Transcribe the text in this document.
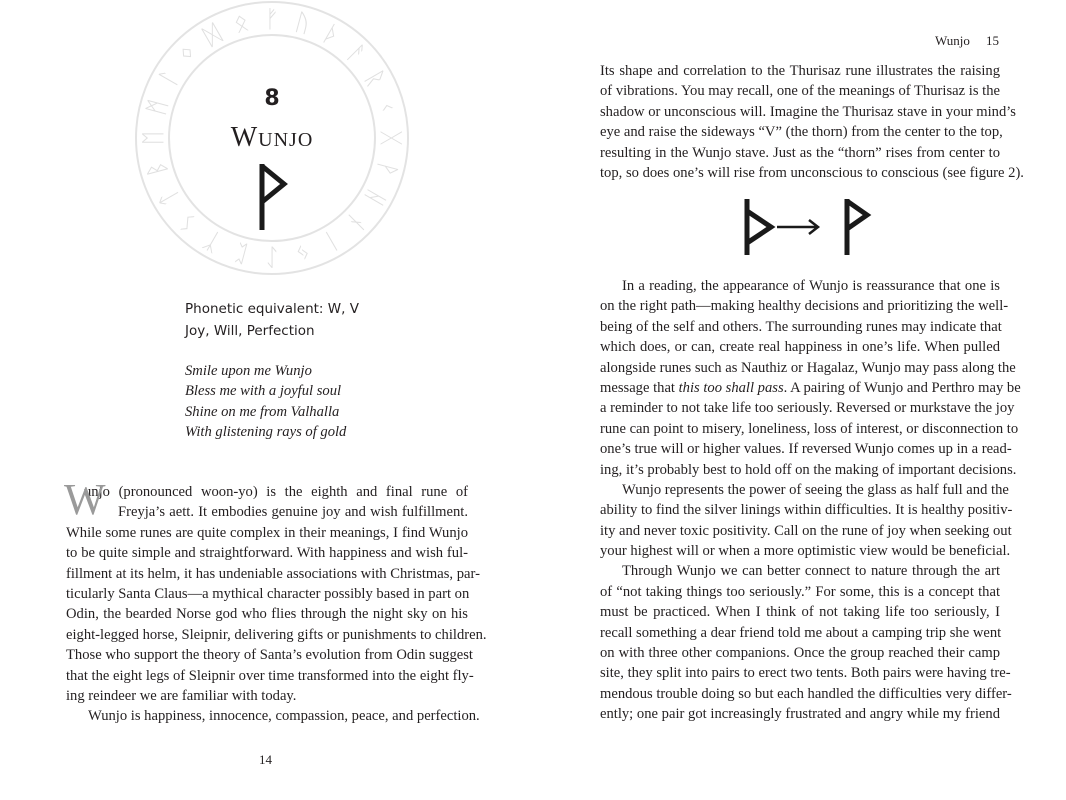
ᚠ ᚢ ᚦ
ᚨ
ᚱ
ᚲ
ᚷ
ᚹ
ᚺ
ᚾ
ᛁ
ᛃ
ᛇ
ᛈ
ᛉ
ᛊ
ᛏ
ᛒ
ᛖ
ᛗ
ᛚ
ᛜ
ᛞ ᛟ
8
Wunjo
Phonetic equivalent: W, V
Joy, Will, Perfection
Smile upon me Wunjo
Bless me with a joyful soul
Shine on me from Valhalla
With glistening rays of gold
W
unjo (pronounced woon-yo) is the eighth and final rune of
Freyja’s aett. It embodies genuine joy and wish fulfillment.
While some runes are quite complex in their meanings, I find Wunjo
to be quite simple and straightforward. With happiness and wish ful-
fillment at its helm, it has undeniable associations with Christmas, par-
ticularly Santa Claus—a mythical character possibly based in part on
Odin, the bearded Norse god who flies through the night sky on his
eight-legged horse, Sleipnir, delivering gifts or punishments to children.
Those who support the theory of Santa’s evolution from Odin suggest
that the eight legs of Sleipnir over time transformed into the eight fly-
ing reindeer we are familiar with today.
Wunjo is happiness, innocence, compassion, peace, and perfection.
14
Wunjo 15
Its shape and correlation to the Thurisaz rune illustrates the raising
of vibrations. You may recall, one of the meanings of Thurisaz is the
shadow or unconscious will. Imagine the Thurisaz stave in your mind’s
eye and raise the sideways “V” (the thorn) from the center to the top,
resulting in the Wunjo stave. Just as the “thorn” rises from center to
top, so does one’s will rise from unconscious to conscious (see figure 2).
In a reading, the appearance of Wunjo is reassurance that one is
on the right path—making healthy decisions and prioritizing the well-
being of the self and others. The surrounding runes may indicate that
which does, or can, create real happiness in one’s life. When pulled
alongside runes such as Nauthiz or Hagalaz, Wunjo may pass along the
message that this too shall pass. A pairing of Wunjo and Perthro may be
a reminder to not take life too seriously. Reversed or murkstave the joy
rune can point to misery, loneliness, loss of interest, or disconnection to
one’s true will or higher values. If reversed Wunjo comes up in a read-
ing, it’s probably best to hold off on the making of important decisions.
Wunjo represents the power of seeing the glass as half full and the
ability to find the silver linings within difficulties. It is healthy positiv-
ity and never toxic positivity. Call on the rune of joy when seeking out
your highest will or when a more optimistic view would be beneficial.
Through Wunjo we can better connect to nature through the art
of “not taking things too seriously.” For some, this is a concept that
must be practiced. When I think of not taking life too seriously, I
recall something a dear friend told me about a camping trip she went
on with three other companions. Once the group reached their camp
site, they split into pairs to erect two tents. Both pairs were having tre-
mendous trouble doing so but each handled the difficulties very differ-
ently; one pair got increasingly frustrated and angry while my friend
